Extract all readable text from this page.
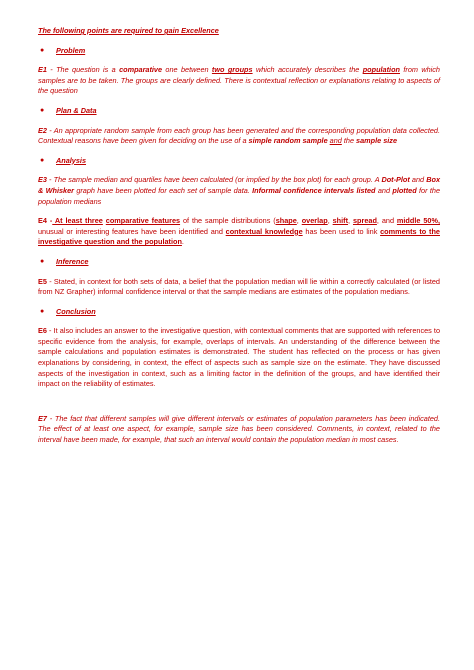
The following points are required to gain Excellence

●	Problem

E1 - The question is a comparative one between two groups which accurately describes the population from which samples are to be taken. The groups are clearly defined. There is contextual reflection or explanations relating to aspects of the question

●	Plan & Data

E2 - An appropriate random sample from each group has been generated and the corresponding population data collected. Contextual reasons have been given for deciding on the use of a simple random sample and the sample size

●	Analysis

E3 - The sample median and quartiles have been calculated (or implied by the box plot) for each group. A Dot-Plot and Box & Whisker graph have been plotted for each set of sample data. Informal confidence intervals listed and plotted for the population medians

E4 - At least three comparative features of the sample distributions (shape, overlap, shift, spread, and middle 50%, unusual or interesting features have been identified and contextual knowledge has been used to link comments to the investigative question and the population.

●	Inference

E5 - Stated, in context for both sets of data, a belief that the population median will lie within a correctly calculated (or listed from NZ Grapher) informal confidence interval or that the sample medians are estimates of the population medians.

●	Conclusion

E6 - It also includes an answer to the investigative question, with contextual comments that are supported with references to specific evidence from the analysis, for example, overlaps of intervals. An understanding of the difference between the sample calculations and population estimates is demonstrated. The student has reflected on the process or has given explanations by considering, in context, the effect of aspects such as sample size on the estimate. They have discussed aspects of the investigation in context, such as a limiting factor in the definition of the groups, and have identified their impact on the reliability of estimates.

E7 - The fact that different samples will give different intervals or estimates of population parameters has been indicated. The effect of at least one aspect, for example, sample size has been considered. Comments, in context, related to the interval have been made, for example, that such an interval would contain the population median in most cases.
